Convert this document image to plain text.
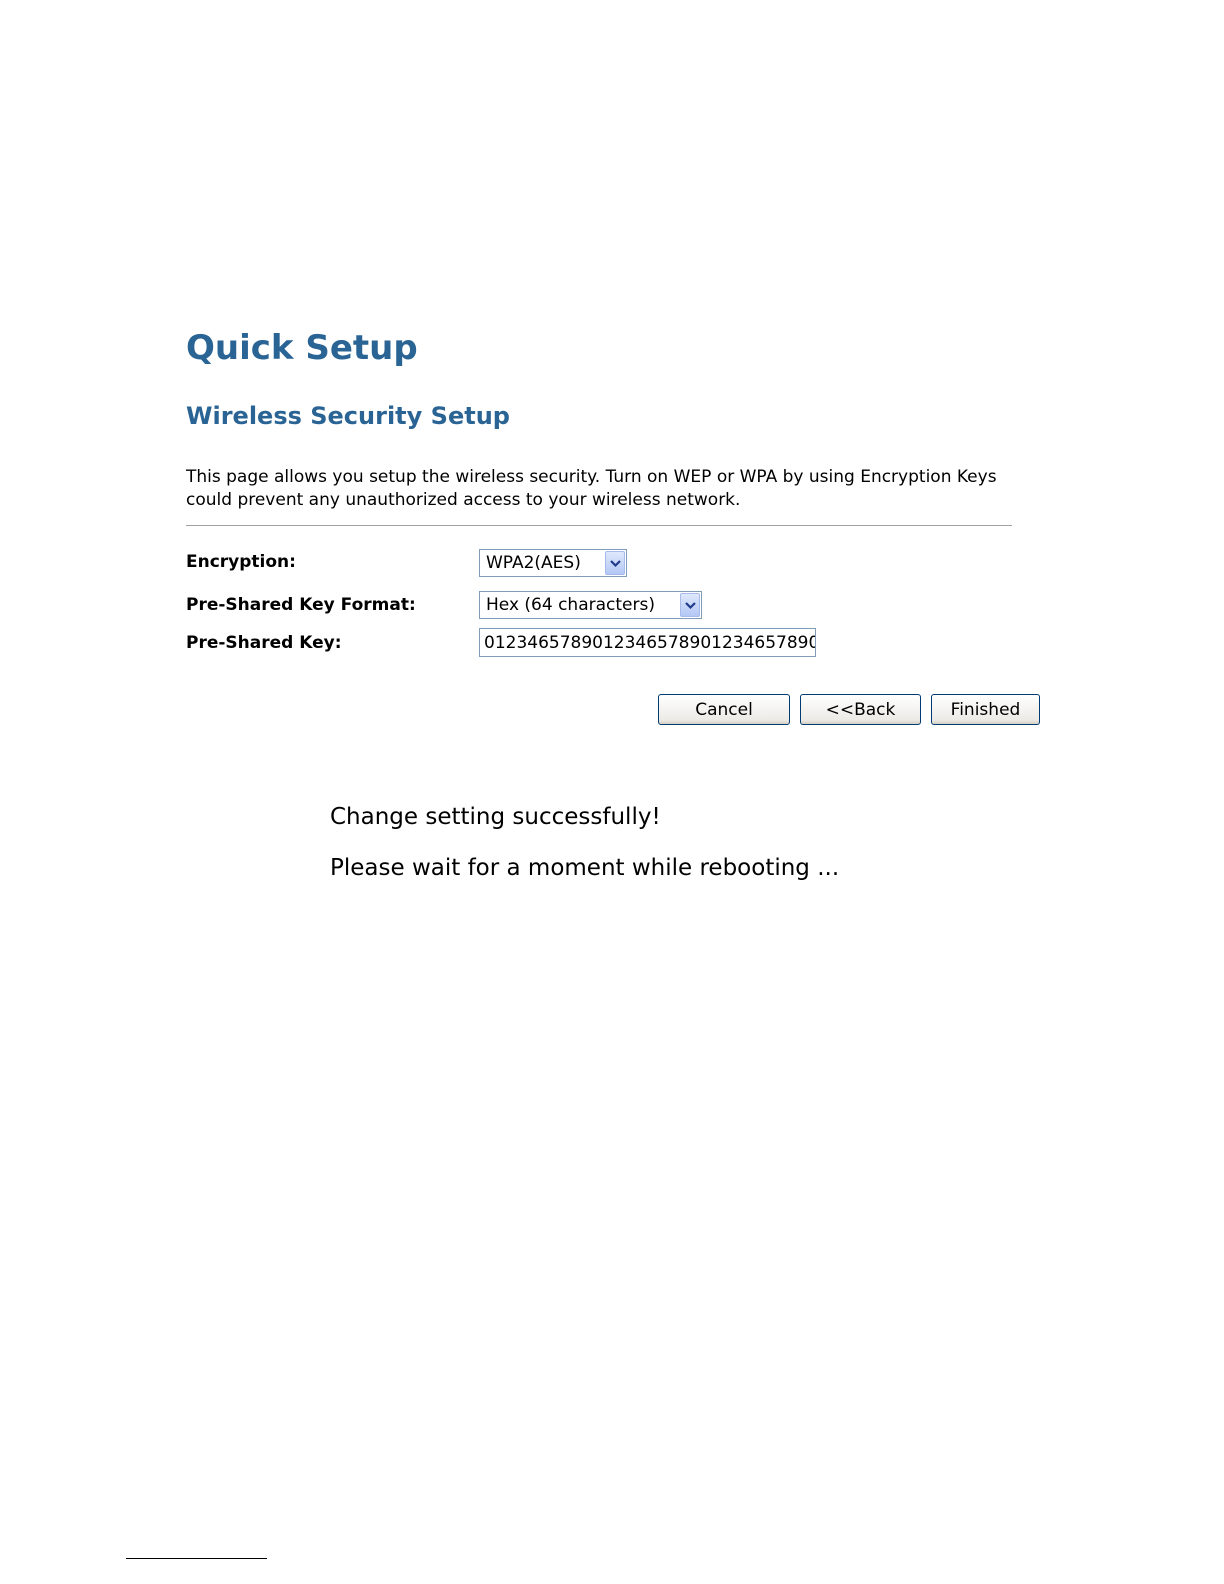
Quick Setup
Wireless Security Setup

This page allows you setup the wireless security. Turn on WEP or WPA by using Encryption Keys could prevent any unauthorized access to your wireless network.

Encryption:	WPA2(AES)
Pre-Shared Key Format:	Hex (64 characters)
Pre-Shared Key:
01234657890123465789012346578901234657890123465789012346578901234
Cancel	<<Back	Finished

Change setting successfully!

Please wait for a moment while rebooting ...
